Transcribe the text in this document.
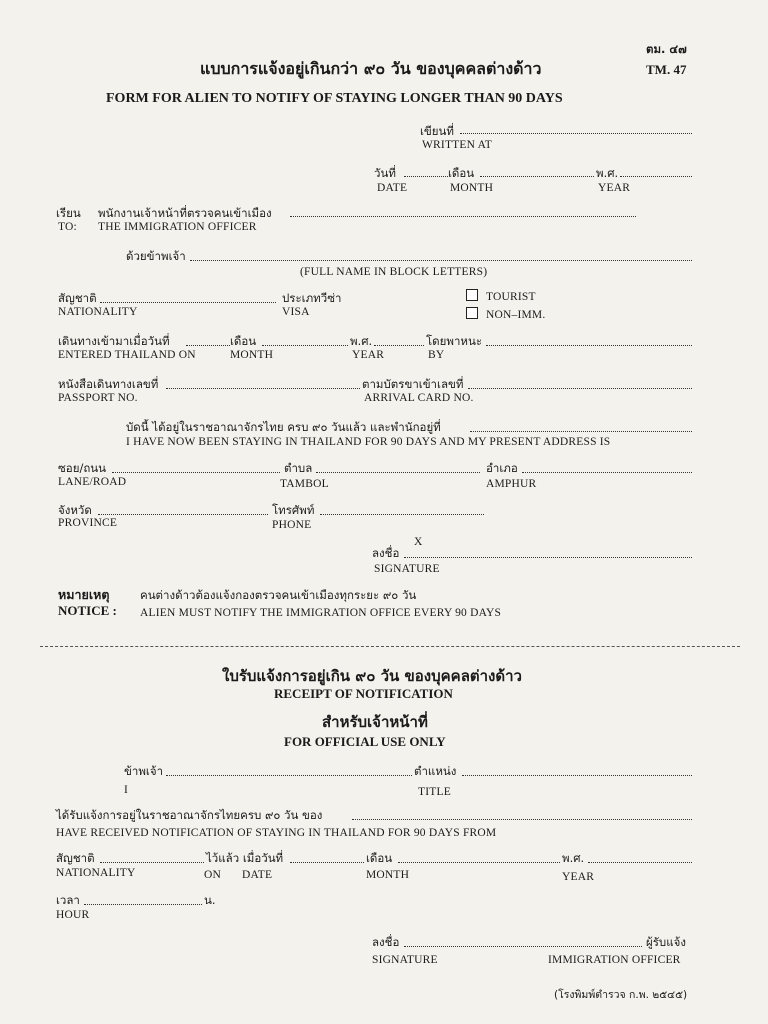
ตม. ๔๗
TM. 47
แบบการแจ้งอยู่เกินกว่า ๙๐ วัน ของบุคคลต่างด้าว
FORM FOR ALIEN TO NOTIFY OF STAYING LONGER THAN 90 DAYS
เขียนที่
WRITTEN AT
วันที่	เดือน	พ.ศ.
DATE	MONTH	YEAR
เรียน พนักงานเจ้าหน้าที่ตรวจคนเข้าเมือง
TO: THE IMMIGRATION OFFICER
ด้วยข้าพเจ้า
(FULL NAME IN BLOCK LETTERS)
สัญชาติ	ประเภทวีซ่า
NATIONALITY	VISA
TOURIST
NON–IMM.
เดินทางเข้ามาเมื่อวันที่	เดือน	พ.ศ.	โดยพาหนะ
ENTERED THAILAND ON	MONTH	YEAR	BY
หนังสือเดินทางเลขที่	ตามบัตรขาเข้าเลขที่
PASSPORT NO.	ARRIVAL CARD NO.
บัดนี้ ได้อยู่ในราชอาณาจักรไทย ครบ ๙๐ วันแล้ว และพำนักอยู่ที่
I HAVE NOW BEEN STAYING IN THAILAND FOR 90 DAYS AND MY PRESENT ADDRESS IS
ซอย/ถนน	ตำบล	อำเภอ
LANE/ROAD	TAMBOL	AMPHUR
จังหวัด	โทรศัพท์
PROVINCE	PHONE
X
ลงชื่อ
SIGNATURE
หมายเหตุ	คนต่างด้าวต้องแจ้งกองตรวจคนเข้าเมืองทุกระยะ ๙๐ วัน
NOTICE : ALIEN MUST NOTIFY THE IMMIGRATION OFFICE EVERY 90 DAYS
ใบรับแจ้งการอยู่เกิน ๙๐ วัน ของบุคคลต่างด้าว
RECEIPT OF NOTIFICATION
สำหรับเจ้าหน้าที่
FOR OFFICIAL USE ONLY
ข้าพเจ้า	ตำแหน่ง
I	TITLE
ได้รับแจ้งการอยู่ในราชอาณาจักรไทยครบ ๙๐ วัน ของ
HAVE RECEIVED NOTIFICATION OF STAYING IN THAILAND FOR 90 DAYS FROM
สัญชาติ	ไว้แล้ว เมื่อวันที่	เดือน	พ.ศ.
NATIONALITY	ON DATE	MONTH	YEAR
เวลา	น.
HOUR
ลงชื่อ	ผู้รับแจ้ง
SIGNATURE	IMMIGRATION OFFICER
(โรงพิมพ์ตำรวจ ก.พ. ๒๕๔๕)
